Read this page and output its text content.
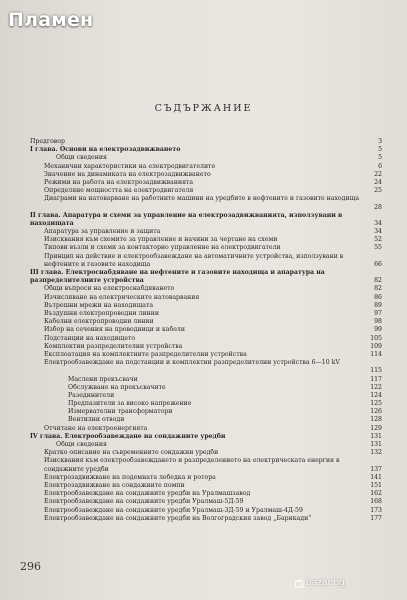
Пламен
СЪДЪРЖАНИЕ
Предговор	3
I глава. Основи на електрозадвижването	5
Общи сведения	5
Механични характеристики на електродвигателите	6
Значение на динамиката на електрозадвижването	22
Режими на работа на електрозадвижванията	24
Определяне мощността на електродвигателя	25
Диаграми на натоварване на работните машини на уредбите в нефтените и газовите находища
28
II глава. Апаратура и схеми за управление на електрозадвижванията, използувани в находищата	34
Апаратура за управление и защита	34
Изисквания към схемите за управление и начини за чертане на схеми	52
Типови възли и схеми за контакторно управление на електродвигатели	55
Принцип на действие и електрообзавеждане на автоматичните устройства, използувани в нефтените и газовите находища	66
III глава. Електроснабдяване на нефтените и газовите находища и апаратура на разпределителните устройства	82
Общи въпроси на електроснабдяването	82
Изчисляване на електрическите натоварвания	86
Вътрешни мрежи на находищата	89
Въздушни електропроводни линии	97
Кабелни електропроводни линии	98
Избор на сечения на проводници и кабели	99
Подстанции на находището	105
Комплектни разпределителни устройства	109
Експлоатация на комплектните разпределителни устройства	114
Електрообзавеждане на подстанции и комплектни разпределителни устройства 6—10 kV
115
Маслени прекъсвачи	117
Обслужване на прекъсвачите	122
Разединители	124
Предпазители за високо напрежение	125
Измервателни трансформатори	126
Вентилни отводи	128
Отчитане на електроенергията	129
IV глава. Електрообзавеждане на сондажните уредби	131
Общи сведения	131
Кратко описание на съвременните сондажни уредби	132
Изисквания към електрообзавеждането и разпределението на електрическата енергия в сондажните уредби	137
Електрозадвижване на подемната лебедка и ротора	141
Електрозадвижване на сондажните помпи	151
Електрообзавеждане на сондажните уредби на Уралмашзавод	162
Електрообзавеждане на сондажните уредби Уралмаш-5Д-59	168
Електрообзавеждане на сондажните уредби Уралмаш-3Д-59 и Уралмаш-4Д-59	173
Електрообзавеждане на сондажните уредби на Волгоградския завод „Барикади“	177
296
bazar.bg
